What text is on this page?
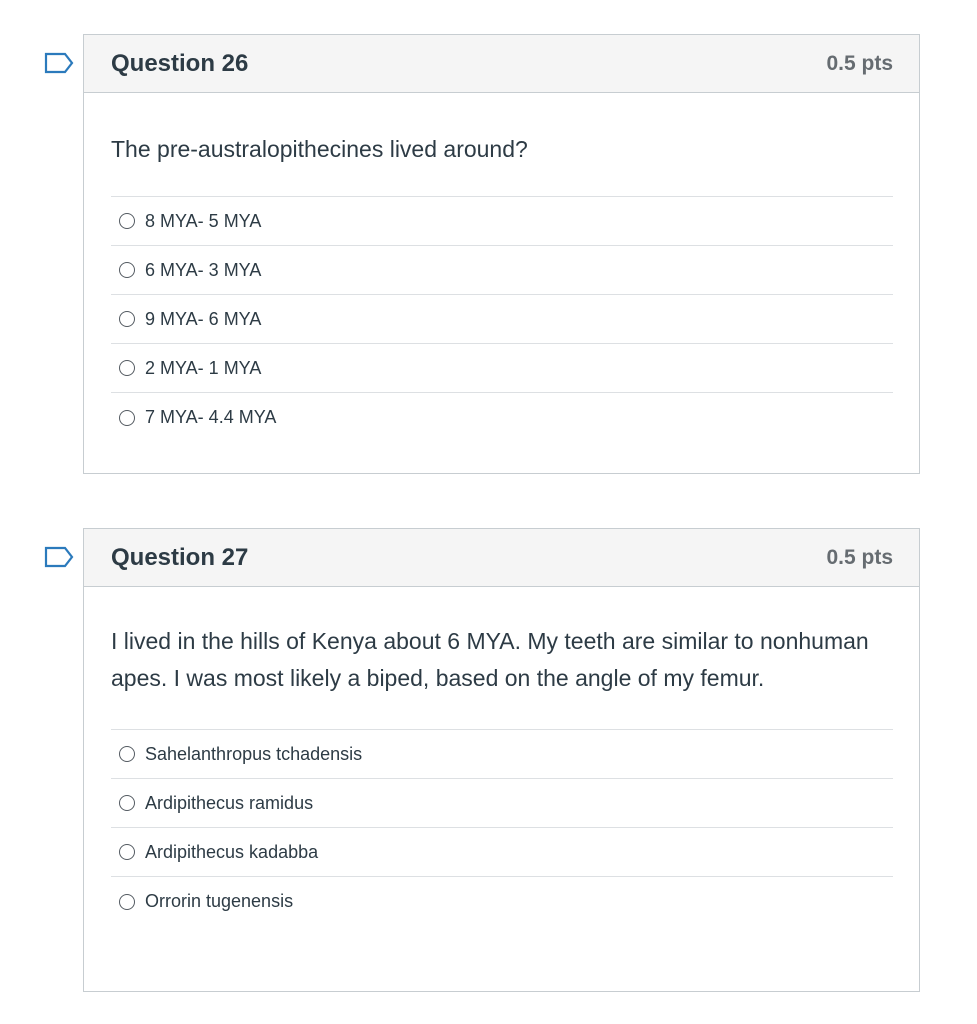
Question 26	0.5 pts
The pre-australopithecines lived around?
8 MYA- 5 MYA
6 MYA- 3 MYA
9 MYA- 6 MYA
2 MYA- 1 MYA
7 MYA- 4.4 MYA
Question 27	0.5 pts
I lived in the hills of Kenya about 6 MYA. My teeth are similar to nonhuman apes. I was most likely a biped, based on the angle of my femur.
Sahelanthropus tchadensis
Ardipithecus ramidus
Ardipithecus kadabba
Orrorin tugenensis
